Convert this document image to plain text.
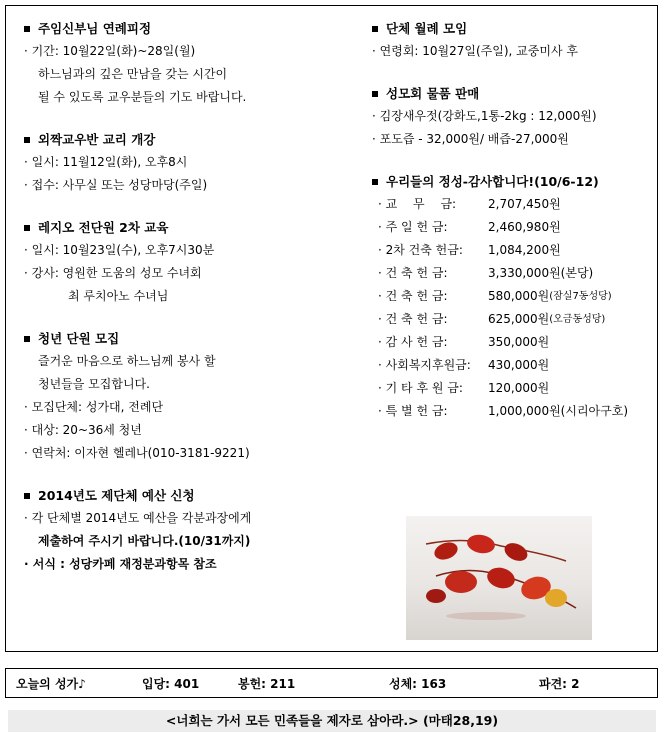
주임신부님 연례피정
· 기간: 10월22일(화)~28일(월)
하느님과의 깊은 만남을 갖는 시간이
될 수 있도록 교우분들의 기도 바랍니다.
외짝교우반 교리 개강
· 일시: 11월12일(화), 오후8시
· 접수: 사무실 또는 성당마당(주일)
레지오 전단원 2차 교육
· 일시: 10월23일(수), 오후7시30분
· 강사: 영원한 도움의 성모 수녀회
최 루치아노 수녀님
청년 단원 모집
즐거운 마음으로 하느님께 봉사 할
청년들을 모집합니다.
· 모집단체: 성가대, 전례단
· 대상: 20~36세 청년
· 연락처: 이자현 헬레나(010-3181-9221)
2014년도 제단체 예산 신청
· 각 단체별 2014년도 예산을 각분과장에게
제출하여 주시기 바랍니다.(10/31까지)
· 서식 : 성당카페 재정분과항목 참조
단체 월례 모임
· 연령회: 10월27일(주일), 교중미사 후
성모회 물품 판매
· 김장새우젓(강화도,1통-2kg : 12,000원)
· 포도즙 - 32,000원/ 배즙-27,000원
우리들의 정성-감사합니다!(10/6-12)
· 교　 무　 금:	2,707,450원
· 주 일 헌 금:	2,460,980원
· 2차 건축 헌금:	1,084,200원
· 건 축 헌 금:	3,330,000원 (본당)
· 건 축 헌 금:	580,000원 (잠실7동성당)
· 건 축 헌 금:	625,000원 (오금동성당)
· 감 사 헌 금:	350,000원
· 사회복지후원금:	430,000원
· 기 타 후 원 금:	120,000원
· 특 별 헌 금:	1,000,000원 (시리아구호)
오늘의 성가♪	입당: 401	봉헌: 211	성체: 163	파견: 2
<너희는 가서 모든 민족들을 제자로 삼아라.> (마태28,19)
